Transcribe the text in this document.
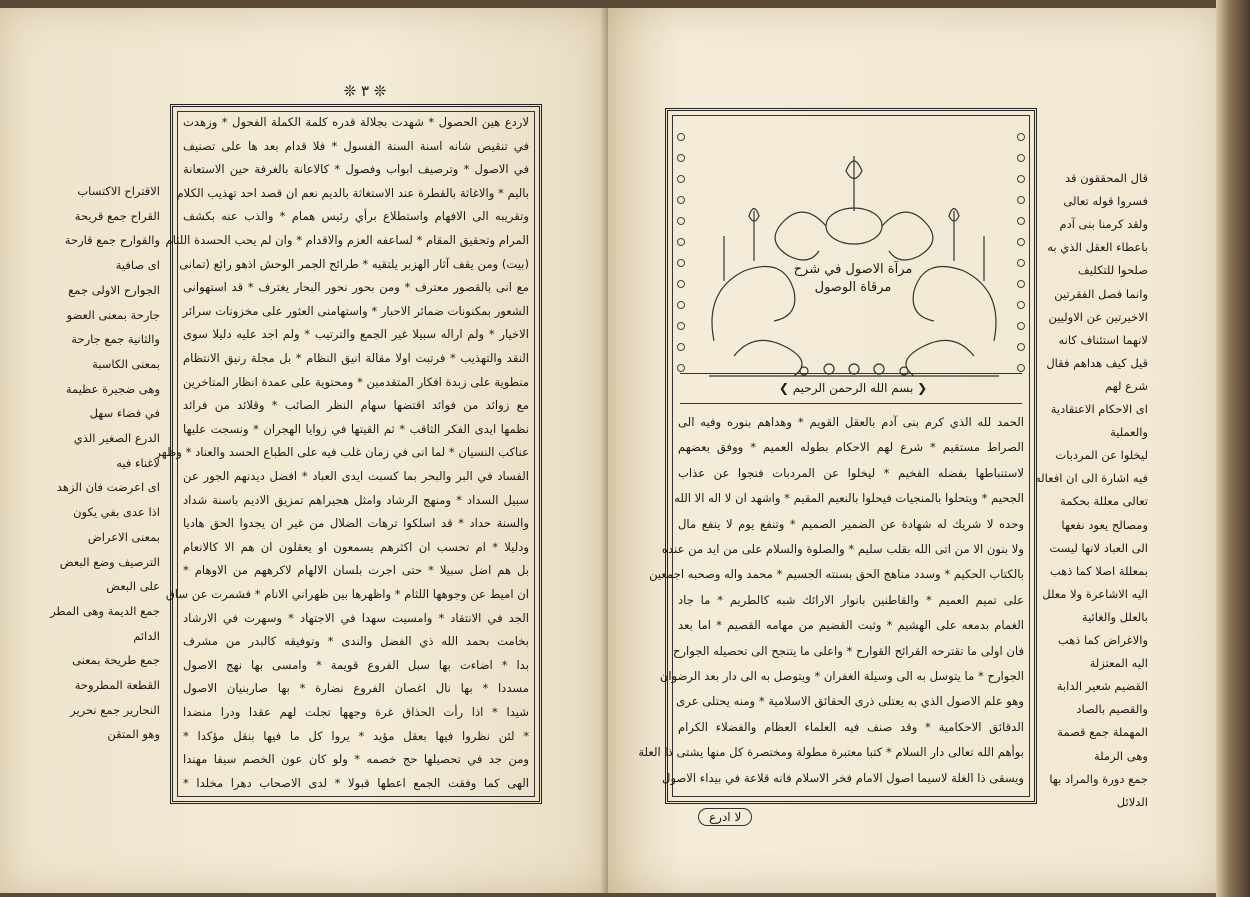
❊ ٣ ❊
لاردع هين الحصول * شهدت بجلالة قدره كلمة الكملة الفحول * وزهدت
في تنقيص شانه اسنة السنة الفسول * فلا قدام بعد ها على تصنيف
في الاصول * وترصيف ابواب وفصول * كالاعانة بالغرفة حين الاستعانة
باليم * والاغاثة بالقطرة عند الاستغاثة بالديم نعم ان قصد احد تهذيب الكلام
وتقريبه الى الافهام واستطلاع برأي رئيس همام * والذب عنه بكشف
المرام وتحقيق المقام * لساعفه العزم والاقدام * وان لم يحب الحسدة اللئام
(بيت) ومن يقف آثار الهزبر يلتقيه * طرائح الجمر الوحش اذهو رائع (تمانى
مع انى بالقصور معترف * ومن بحور نحور البحار يغترف * قد استهوانى
الشعور بمكنونات ضمائر الاحبار * واستهامنى العثور على مخزونات سرائر
الاخيار * ولم اراله سبيلا غير الجمع والترتيب * ولم اجد عليه دليلا سوى
النقد والتهذيب * فرتبت اولا مقالة انيق النظام * بل مجلة رنيق الانتظام
منطوية على زبدة افكار المتقدمين * ومحتوية على عمدة انظار المتاخرين
مع زوائد من فوائد اقتضها سهام النظر الصائب * وقلائد من فرائد
نظمها ايدى الفكر الثاقب * ثم القيتها في زوايا الهجران * ونسجت عليها
عناكب النسيان * لما انى في زمان غلب فيه على الطباع الحسد والعناد * وظهر
الفساد في البر والبحر بما كسبت ايدى العباد * افضل ديدنهم الجور عن
سبيل السداد * ومنهج الرشاد وامثل هجيراهم تمزيق الاديم باسنة شداد
والسنة حداد * قد اسلكوا ترهات الضلال من غير ان يجدوا الحق هاديا
ودليلا * ام تحسب ان اكثرهم يسمعون او يعقلون ان هم الا كالانعام
بل هم اضل سبيلا * حتى اجرت بلسان الالهام لاكرههم من الاوهام *
ان اميط عن وجوهها اللثام * واظهرها بين ظهراني الانام * فشمرت عن ساق
الجد في الانتقاد * وامسيت سهدا في الاجتهاد * وسهرت في الارشاد
بخامت بحمد الله ذي الفضل والندى * وتوفيقه كالبدر من مشرف
بدا * اضاءت بها سبل الفروع قويمة * وامسى بها نهج الاصول
مسددا * بها نال اغصان الفروع نضارة * بها صاربنيان الاصول
شيدا * اذا رأت الحذاق غرة وجهها تجلت لهم عقدا ودرا منضدا
* لئن نظروا فيها بعقل مؤيد * يروا كل ما فيها بنقل مؤكدا *
ومن جد في تحصيلها حج خصمه * ولو كان عون الخصم سيفا مهندا
الهى كما وفقت الجمع اعطها قبولا * لدى الاصحاب دهرا مخلدا *
الاقتراح الاكتساب
القراح جمع قريحة
والقوارح جمع قارحة
اى صافية
الجوارح الاولى جمع
جارحة بمعنى العضو
والثانية جمع جارحة
بمعنى الكاسبة
وهى ضجيرة عظيمة
في فضاء سهل
الدرع الصغير الذي
لاغناء فيه
اى اعرضت فان الزهد
اذا عدى بفي يكون
بمعنى الاعراض
الترصيف وضع البعض
على البعض
جمع الديمة وهى المطر
الدائم
جمع طريحة بمعنى
القطعة المطروحة
النحارير جمع نحرير
وهو المتقن
مرآة الاصول في شرح
مرقاة الوصول
❮ بسم الله الرحمن الرحيم ❯
الحمد لله الذي كرم بنى آدم بالعقل القويم * وهداهم بنوره وفيه الى
الصراط مستقيم * شرع لهم الاحكام بطوله العميم * ووفق بعضهم
لاستنباطها بفضله الفخيم * ليخلوا عن المردبات فنجوا عن عذاب
الجحيم * ويتحلوا بالمنجيات فيحلوا بالنعيم المقيم * واشهد ان لا اله الا الله
وحده لا شريك له شهادة عن الضمير الصميم * وتنفع يوم لا ينفع مال
ولا بنون الا من اتى الله بقلب سليم * والصلوة والسلام على من ايد من عنده
بالكتاب الحكيم * وسدد مناهج الحق بسنته الجسيم * محمد واله وصحبه اجمعين
على تميم العميم * والقاطنين بانوار الارائك شبه كالطريم * ما جاد
الغمام بدمعه على الهشيم * وثبت القضيم من مهامه القصيم * اما بعد
فان اولى ما تقترحه القرائح القوارح * واعلى ما يتنجح الى تحصيله الجوارح
الجوارح * ما يتوسل به الى وسيلة الغفران * ويتوصل به الى دار بعد الرضوان
وهو علم الاصول الذي به يعتلى ذرى الحقائق الاسلامية * ومنه يحتلى عرى
الدقائق الاحكامية * وقد صنف فيه العلماء العظام والفضلاء الكرام
بوأهم الله تعالى دار السلام * كتبا معتبرة مطولة ومختصرة كل منها يشتى ذا العلة
ويسقى ذا الغلة لاسيما اصول الامام فخر الاسلام فانه قلاعة في بيداء الاصول
لا ادرع
قال المحققون قد
فسروا قوله تعالى
ولقد كرمنا بنى آدم
باعطاء العقل الذي به
صلحوا للتكليف
وانما فصل الفقرتين
الاخيرتين عن الاوليين
لانهما استئناف كانه
قيل كيف هداهم فقال
شرع لهم
اى الاحكام الاعتقادية
والعملية
ليخلوا عن المردبات
فيه اشارة الى ان افعاله
تعالى معللة بحكمة
ومصالح يعود نفعها
الى العباد لانها ليست
بمعللة اصلا كما ذهب
اليه الاشاعرة ولا معلل
بالعلل والغائية
والاغراض كما ذهب
اليه المعتزلة
القضيم شعير الدابة
والقصيم بالصاد
المهملة جمع قصمة
وهى الرملة
جمع دورة والمراد بها
الدلائل
